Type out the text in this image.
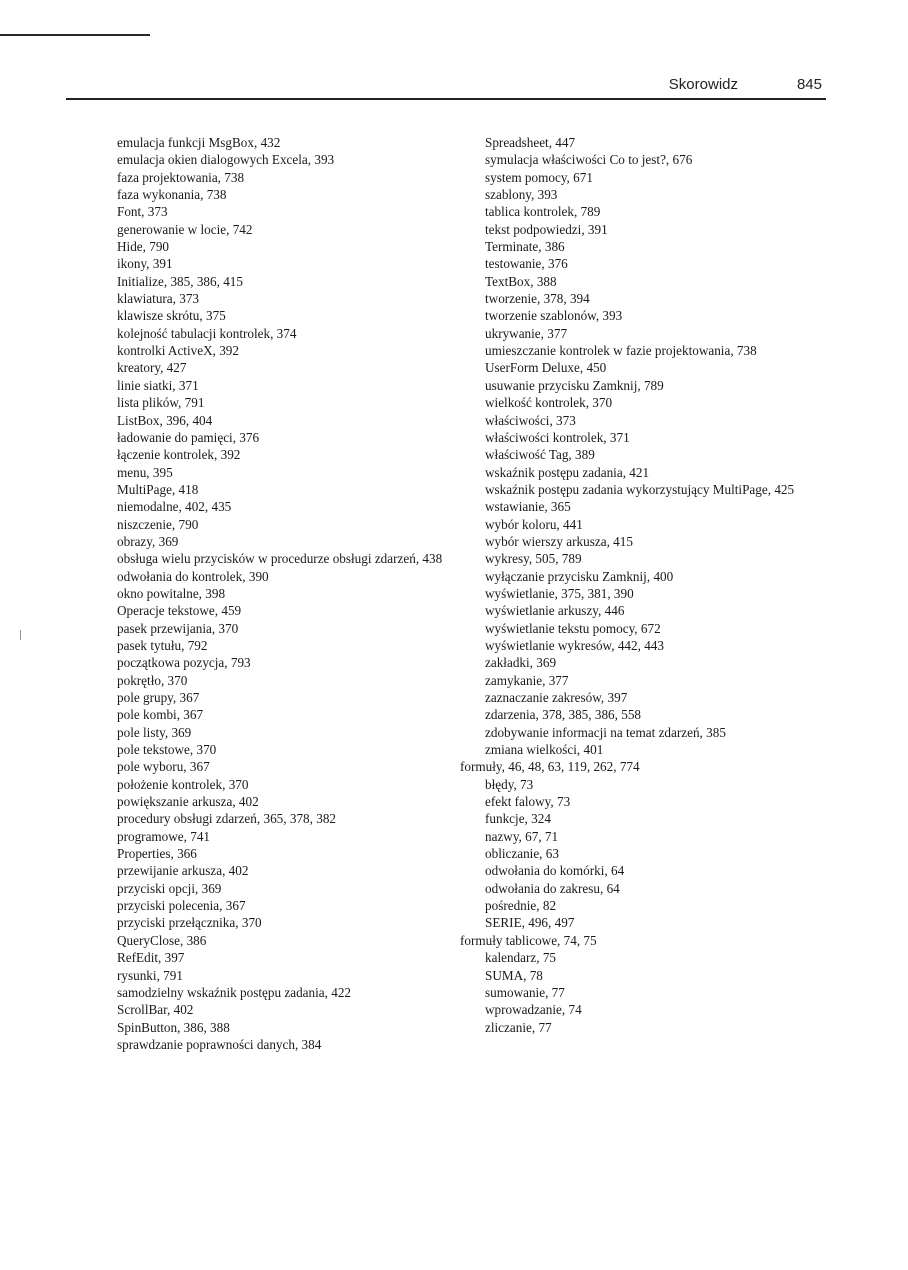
Skorowidz	845
emulacja funkcji MsgBox, 432
emulacja okien dialogowych Excela, 393
faza projektowania, 738
faza wykonania, 738
Font, 373
generowanie w locie, 742
Hide, 790
ikony, 391
Initialize, 385, 386, 415
klawiatura, 373
klawisze skrótu, 375
kolejność tabulacji kontrolek, 374
kontrolki ActiveX, 392
kreatory, 427
linie siatki, 371
lista plików, 791
ListBox, 396, 404
ładowanie do pamięci, 376
łączenie kontrolek, 392
menu, 395
MultiPage, 418
niemodalne, 402, 435
niszczenie, 790
obrazy, 369
obsługa wielu przycisków w procedurze obsługi zdarzeń, 438
odwołania do kontrolek, 390
okno powitalne, 398
Operacje tekstowe, 459
pasek przewijania, 370
pasek tytułu, 792
początkowa pozycja, 793
pokrętło, 370
pole grupy, 367
pole kombi, 367
pole listy, 369
pole tekstowe, 370
pole wyboru, 367
położenie kontrolek, 370
powiększanie arkusza, 402
procedury obsługi zdarzeń, 365, 378, 382
programowe, 741
Properties, 366
przewijanie arkusza, 402
przyciski opcji, 369
przyciski polecenia, 367
przyciski przełącznika, 370
QueryClose, 386
RefEdit, 397
rysunki, 791
samodzielny wskaźnik postępu zadania, 422
ScrollBar, 402
SpinButton, 386, 388
sprawdzanie poprawności danych, 384
Spreadsheet, 447
symulacja właściwości Co to jest?, 676
system pomocy, 671
szablony, 393
tablica kontrolek, 789
tekst podpowiedzi, 391
Terminate, 386
testowanie, 376
TextBox, 388
tworzenie, 378, 394
tworzenie szablonów, 393
ukrywanie, 377
umieszczanie kontrolek w fazie projektowania, 738
UserForm Deluxe, 450
usuwanie przycisku Zamknij, 789
wielkość kontrolek, 370
właściwości, 373
właściwości kontrolek, 371
właściwość Tag, 389
wskaźnik postępu zadania, 421
wskaźnik postępu zadania wykorzystujący MultiPage, 425
wstawianie, 365
wybór koloru, 441
wybór wierszy arkusza, 415
wykresy, 505, 789
wyłączanie przycisku Zamknij, 400
wyświetlanie, 375, 381, 390
wyświetlanie arkuszy, 446
wyświetlanie tekstu pomocy, 672
wyświetlanie wykresów, 442, 443
zakładki, 369
zamykanie, 377
zaznaczanie zakresów, 397
zdarzenia, 378, 385, 386, 558
zdobywanie informacji na temat zdarzeń, 385
zmiana wielkości, 401
formuły, 46, 48, 63, 119, 262, 774
błędy, 73
efekt falowy, 73
funkcje, 324
nazwy, 67, 71
obliczanie, 63
odwołania do komórki, 64
odwołania do zakresu, 64
pośrednie, 82
SERIE, 496, 497
formuły tablicowe, 74, 75
kalendarz, 75
SUMA, 78
sumowanie, 77
wprowadzanie, 74
zliczanie, 77
